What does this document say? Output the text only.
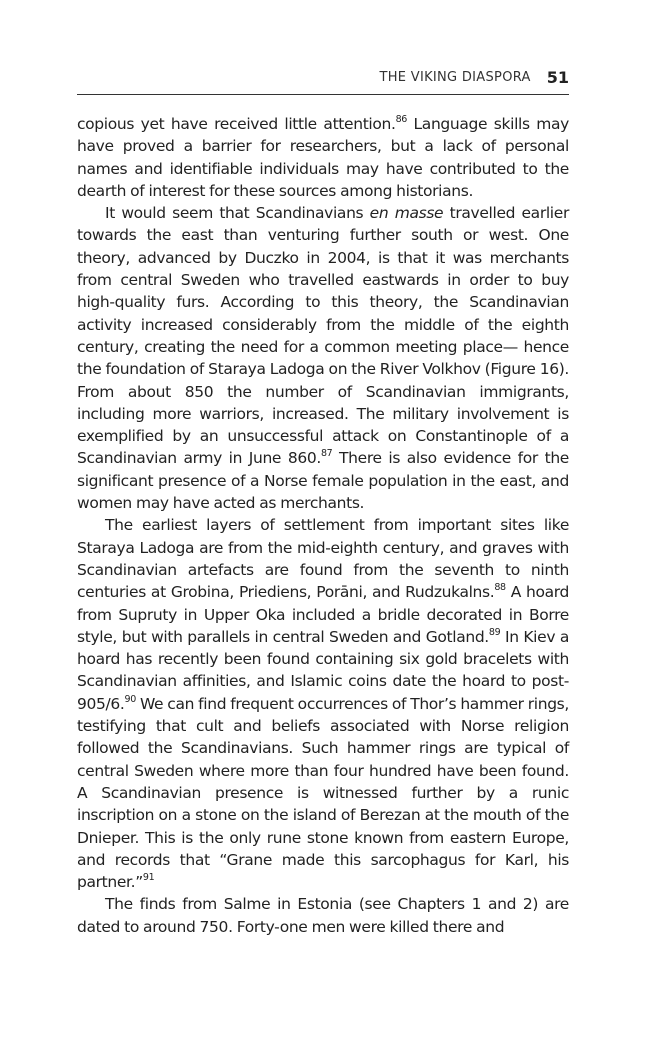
THE VIKING DIASPORA 51

copious yet have received little attention.$^{86}$ Language skills may have proved a barrier for researchers, but a lack of personal names and identifiable individuals may have contributed to the dearth of interest for these sources among historians.

It would seem that Scandinavians en masse travelled earlier towards the east than venturing further south or west. One theory, advanced by Duczko in 2004, is that it was merchants from central Sweden who travelled eastwards in order to buy high-quality furs. According to this theory, the Scandinavian activity increased considerably from the middle of the eighth century, creating the need for a common meeting place— hence the foundation of Staraya Ladoga on the River Volkhov (Figure 16). From about 850 the number of Scandinavian immigrants, including more warriors, increased. The military involvement is exemplified by an unsuccessful attack on Constantinople of a Scandinavian army in June 860.87 There is also evidence for the significant presence of a Norse female population in the east, and women may have acted as merchants.

The earliest layers of settlement from important sites like Staraya Ladoga are from the mid-eighth century, and graves with Scandinavian artefacts are found from the seventh to ninth centuries at Grobina, Priediens, Porāni, and Rudzukalns.$^{88}$ A hoard from Supruty in Upper Oka included a bridle decorated in Borre style, but with parallels in central Sweden and Gotland.$^{89}$ In Kiev a hoard has recently been found containing six gold bracelets with Scandinavian affinities, and Islamic coins date the hoard to post-905/6.90 We can find frequent occurrences of Thor’s hammer rings, testifying that cult and beliefs associated with Norse religion followed the Scandinavians. Such hammer rings are typical of central Sweden where more than four hundred have been found. A Scandinavian presence is witnessed further by a runic inscription on a stone on the island of Berezan at the mouth of the Dnieper. This is the only rune stone known from eastern Europe, and records that “Grane made this sarcophagus for Karl, his partner.”$^{91}$

The finds from Salme in Estonia (see Chapters 1 and 2) are dated to around 750. Forty-one men were killed there and
